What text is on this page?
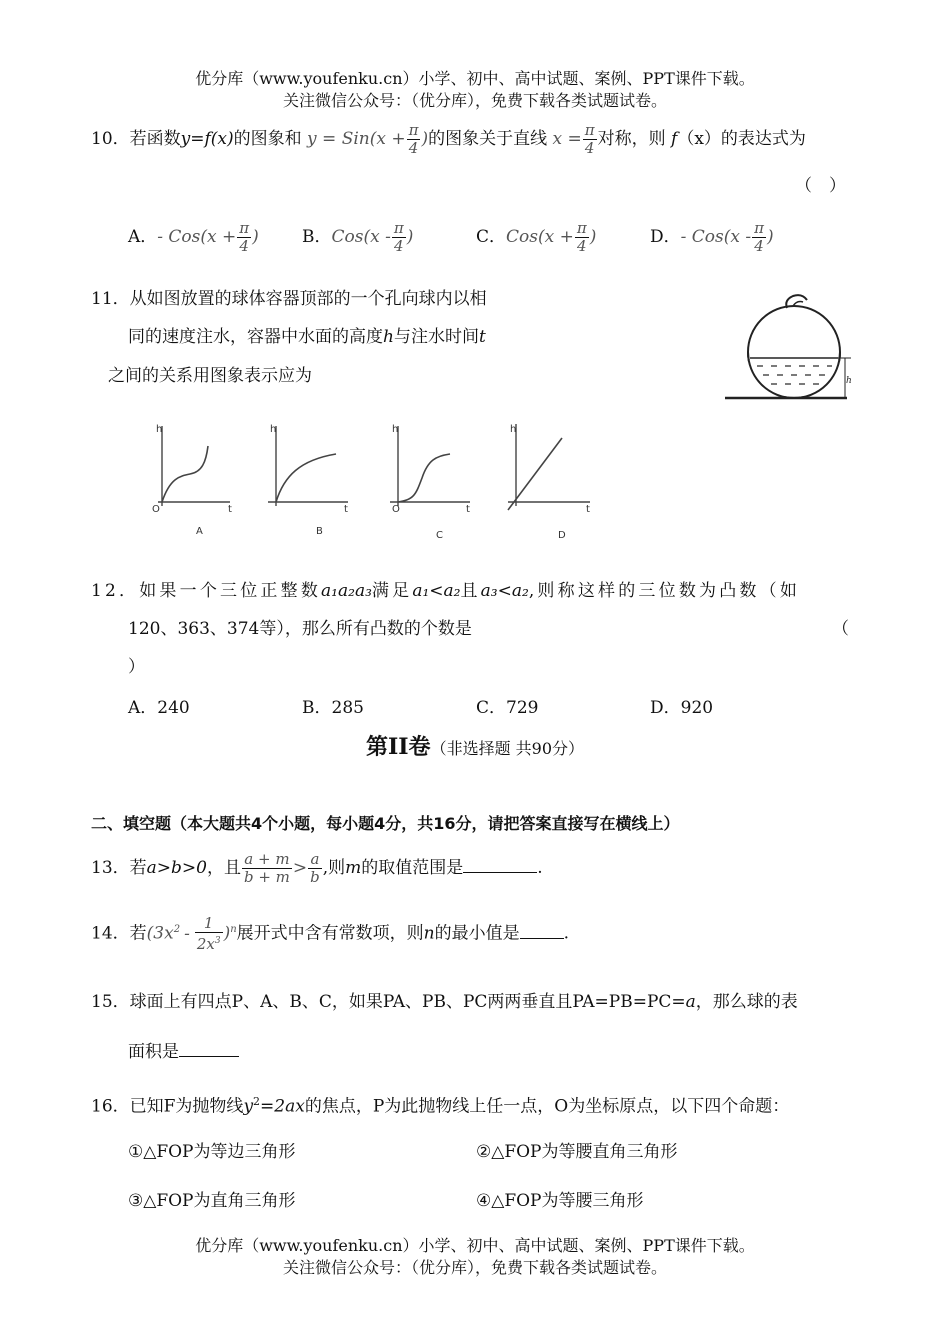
优分库（www.youfenku.cn）小学、初中、高中试题、案例、PPT课件下载。
关注微信公众号：（优分库），免费下载各类试题试卷。
10．若函数y=f(x)的图象和 $y = Sin(x + \frac{\pi}{4}$ )的图象关于直线 $x = \frac{\pi}{4}$ 对称，则 f（x）的表达式为
（　）
A．- $Cos(x + \frac{\pi}{4}$ )	B．$Cos(x - \frac{\pi}{4}$ )	C．$Cos(x + \frac{\pi}{4}$ )	D．- $Cos(x - \frac{\pi}{4}$ )
11．从如图放置的球体容器顶部的一个孔向球内以相
同的速度注水，容器中水面的高度h与注水时间t
之间的关系用图象表示应为	h
h
O	t
h
t
h
O	t
h
t
A	B	C	D
12．如果一个三位正整数a₁a₂a₃满足a₁<a₂且a₃<a₂,则称这样的三位数为凸数（如
120、363、374等），那么所有凸数的个数是	（
）
A．240	B．285	C．729	D．920
第II卷（非选择题 共90分）
二、填空题（本大题共4个小题，每小题4分，共16分，请把答案直接写在横线上）
13．若a>b>0，且 $\frac{a + m}{b + m} > \frac{a}{b}$ ,则m的取值范围是	.
14．若$(3x^2 - \frac{1}{2x^3} )^n$展开式中含有常数项，则n的最小值是	.
15．球面上有四点P、A、B、C，如果PA、PB、PC两两垂直且PA=PB=PC=a，那么球的表
面积是
16．已知F为抛物线$y^2=2ax$的焦点，P为此抛物线上任一点，O为坐标原点，以下四个命题：
①△FOP为等边三角形	②△FOP为等腰直角三角形
③△FOP为直角三角形	④△FOP为等腰三角形
优分库（www.youfenku.cn）小学、初中、高中试题、案例、PPT课件下载。
关注微信公众号：（优分库），免费下载各类试题试卷。
